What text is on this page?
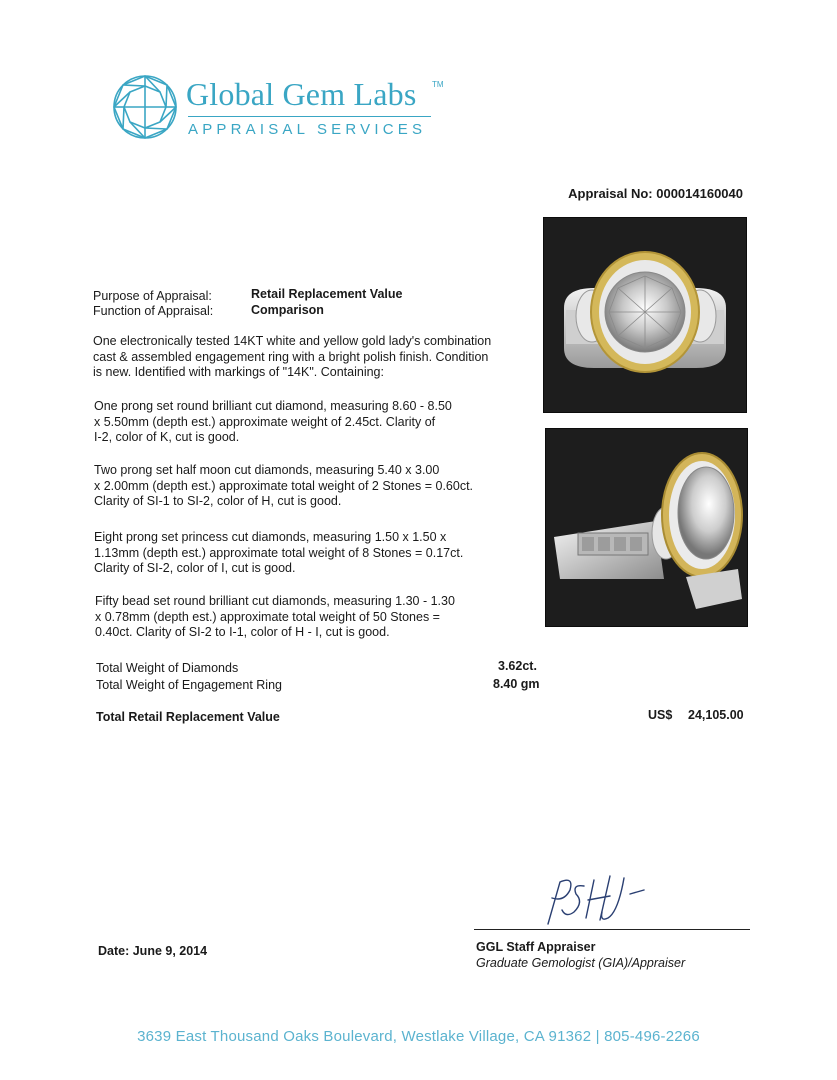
Global Gem Labs TM
APPRAISAL SERVICES
Appraisal No: 000014160040
Purpose of Appraisal:	Retail Replacement Value
Function of Appraisal:	Comparison
One electronically tested 14KT white and yellow gold lady's combination
cast & assembled engagement ring with a bright polish finish. Condition
is new. Identified with markings of "14K". Containing:
One prong set round brilliant cut diamond, measuring 8.60 - 8.50
x 5.50mm (depth est.) approximate weight of 2.45ct. Clarity of
I-2, color of K, cut is good.
Two prong set half moon cut diamonds, measuring 5.40 x 3.00
x 2.00mm (depth est.) approximate total weight of 2 Stones = 0.60ct.
Clarity of SI-1 to SI-2, color of H, cut is good.
Eight prong set princess cut diamonds, measuring 1.50 x 1.50 x
1.13mm (depth est.) approximate total weight of 8 Stones = 0.17ct.
Clarity of SI-2, color of I, cut is good.
Fifty bead set round brilliant cut diamonds, measuring 1.30 - 1.30
x 0.78mm (depth est.) approximate total weight of 50 Stones =
0.40ct. Clarity of SI-2 to I-1, color of H - I, cut is good.
Total Weight of Diamonds	3.62ct.
Total Weight of Engagement Ring	8.40 gm
Total Retail Replacement Value	US$ 24,105.00
Date: June 9, 2014	GGL Staff Appraiser
Graduate Gemologist (GIA)/Appraiser
3639 East Thousand Oaks Boulevard, Westlake Village, CA 91362 | 805-496-2266
